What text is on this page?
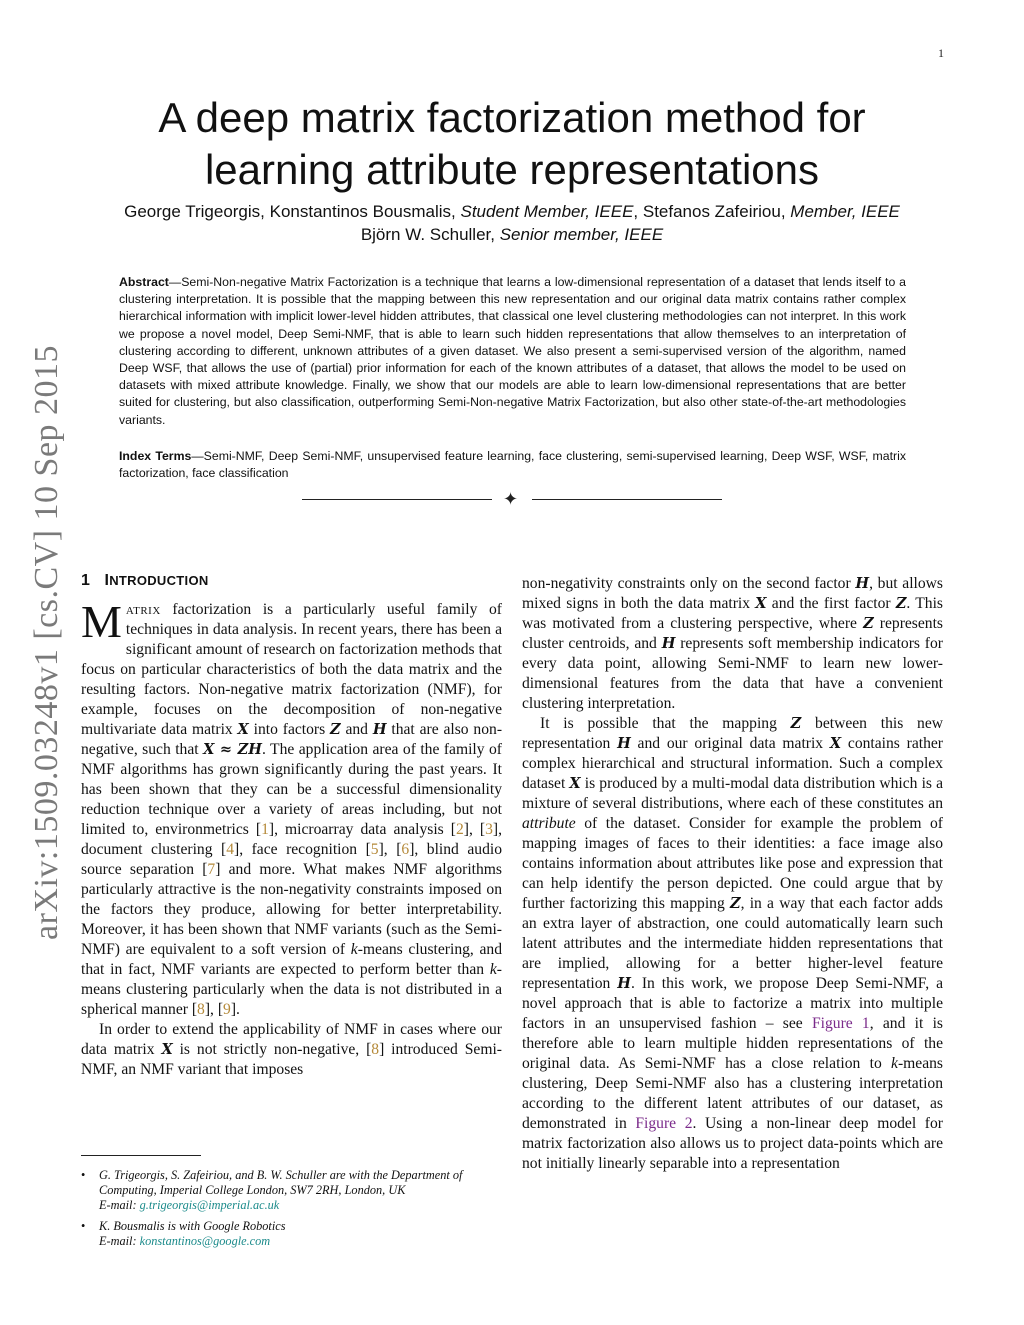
1
arXiv:1509.03248v1 [cs.CV] 10 Sep 2015
A deep matrix factorization method for learning attribute representations
George Trigeorgis, Konstantinos Bousmalis, Student Member, IEEE, Stefanos Zafeiriou, Member, IEEE
Björn W. Schuller, Senior member, IEEE
Abstract—Semi-Non-negative Matrix Factorization is a technique that learns a low-dimensional representation of a dataset that lends itself to a clustering interpretation. It is possible that the mapping between this new representation and our original data matrix contains rather complex hierarchical information with implicit lower-level hidden attributes, that classical one level clustering methodologies can not interpret. In this work we propose a novel model, Deep Semi-NMF, that is able to learn such hidden representations that allow themselves to an interpretation of clustering according to different, unknown attributes of a given dataset. We also present a semi-supervised version of the algorithm, named Deep WSF, that allows the use of (partial) prior information for each of the known attributes of a dataset, that allows the model to be used on datasets with mixed attribute knowledge. Finally, we show that our models are able to learn low-dimensional representations that are better suited for clustering, but also classification, outperforming Semi-Non-negative Matrix Factorization, but also other state-of-the-art methodologies variants.
Index Terms—Semi-NMF, Deep Semi-NMF, unsupervised feature learning, face clustering, semi-supervised learning, Deep WSF, WSF, matrix factorization, face classification
✦
1 INTRODUCTION

Matrix factorization is a particularly useful family of techniques in data analysis. In recent years, there has been a significant amount of research on factorization methods that focus on particular characteristics of both the data matrix and the resulting factors. Non-negative matrix factorization (NMF), for example, focuses on the decomposition of non-negative multivariate data matrix X into factors Z and H that are also non-negative, such that X ≈ ZH. The application area of the family of NMF algorithms has grown significantly during the past years. It has been shown that they can be a successful dimensionality reduction technique over a variety of areas including, but not limited to, environmetrics [1], microarray data analysis [2], [3], document clustering [4], face recognition [5], [6], blind audio source separation [7] and more. What makes NMF algorithms particularly attractive is the non-negativity constraints imposed on the factors they produce, allowing for better interpretability. Moreover, it has been shown that NMF variants (such as the Semi-NMF) are equivalent to a soft version of k-means clustering, and that in fact, NMF variants are expected to perform better than k-means clustering particularly when the data is not distributed in a spherical manner [8], [9].

In order to extend the applicability of NMF in cases where our data matrix X is not strictly non-negative, [8] introduced Semi-NMF, an NMF variant that imposes

• G. Trigeorgis, S. Zafeiriou, and B. W. Schuller are with the Department of Computing, Imperial College London, SW7 2RH, London, UK
E-mail: g.trigeorgis@imperial.ac.uk
• K. Bousmalis is with Google Robotics
E-mail: konstantinos@google.com

non-negativity constraints only on the second factor H, but allows mixed signs in both the data matrix X and the first factor Z. This was motivated from a clustering perspective, where Z represents cluster centroids, and H represents soft membership indicators for every data point, allowing Semi-NMF to learn new lower-dimensional features from the data that have a convenient clustering interpretation.

It is possible that the mapping Z between this new representation H and our original data matrix X contains rather complex hierarchical and structural information. Such a complex dataset X is produced by a multi-modal data distribution which is a mixture of several distributions, where each of these constitutes an attribute of the dataset. Consider for example the problem of mapping images of faces to their identities: a face image also contains information about attributes like pose and expression that can help identify the person depicted. One could argue that by further factorizing this mapping Z, in a way that each factor adds an extra layer of abstraction, one could automatically learn such latent attributes and the intermediate hidden representations that are implied, allowing for a better higher-level feature representation H. In this work, we propose Deep Semi-NMF, a novel approach that is able to factorize a matrix into multiple factors in an unsupervised fashion – see Figure 1, and it is therefore able to learn multiple hidden representations of the original data. As Semi-NMF has a close relation to k-means clustering, Deep Semi-NMF also has a clustering interpretation according to the different latent attributes of our dataset, as demonstrated in Figure 2. Using a non-linear deep model for matrix factorization also allows us to project data-points which are not initially linearly separable into a representation
